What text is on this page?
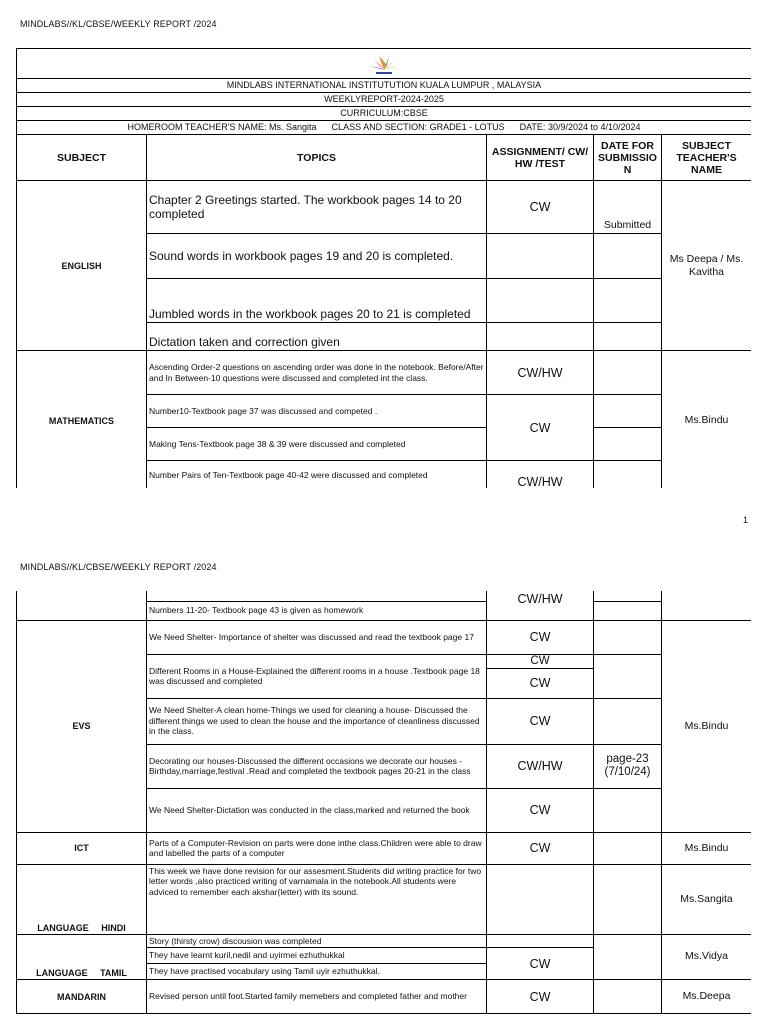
MINDLABS//KL/CBSE/WEEKLY REPORT /2024

MINDLABS INTERNATIONAL INSTITUTUTION KUALA LUMPUR , MALAYSIA				
WEEKLYREPORT-2024-2025				
CURRICULUM:CBSE				
HOMEROOM TEACHER'S NAME: Ms. Sangita      CLASS AND SECTION: GRADE1 - LOTUS      DATE: 30/9/2024 to 4/10/2024				
SUBJECT	TOPICS	ASSIGNMENT/ CW/ HW /TEST	DATE FOR SUBMISSIO N	SUBJECT TEACHER'S NAME
ENGLISH	Chapter 2 Greetings started. The workbook pages 14 to 20 completed	CW	Submitted	Ms Deepa / Ms. Kavitha
	Sound words in workbook pages 19 and 20 is completed.			
	Jumbled words in the workbook pages 20 to 21 is completed			
	Dictation taken and correction given			
MATHEMATICS	Ascending Order-2 questions on ascending order was done in the notebook. Before/After and In Between-10 questions were discussed and completed int the class.	CW/HW		Ms.Bindu
	Number10-Textbook page 37 was discussed and competed .	CW		
	Making Tens-Textbook page 38 & 39 were discussed and completed			
	Number Pairs of Ten-Textbook page 40-42 were discussed and completed	CW/HW		
1
MINDLABS//KL/CBSE/WEEKLY REPORT /2024
		CW/HW		
	Numbers 11-20- Textbook page 43 is given as homework			
EVS	We Need Shelter- Importance of shelter was discussed and read the textbook page 17	CW		Ms.Bindu
	Different Rooms in a House-Explained the different rooms in a house .Textbook page 18 was discussed and completed	CW		
		CW		
	We Need Shelter-A clean home-Things we used for cleaning a house- Discussed the different things we used to clean the house and the importance of cleanliness discussed in the class.	CW		
	Decorating our houses-Discussed the different occasions we decorate our houses -Birthday,marriage,festival .Read and completed the textbook pages 20-21 in the class	CW/HW	page-23 (7/10/24)	
	We Need Shelter-Dictation was conducted in the class,marked and returned the book	CW		
ICT	Parts of a Computer-Revision on parts were done inthe class.Children were able to draw and labelled the parts of a computer	CW		Ms.Bindu
LANGUAGE     HINDI	This week we have done revision for our assesment.Students did writing practice for two letter words ,also practiced writing of varnamala in the notebook.All students were adviced to remember each akshar(letter) with its sound.			Ms.Sangita
LANGUAGE     TAMIL	Story (thirsty crow) discousion was completed			Ms.Vidya
	They have learnt kuril,nedil and uyirmei ezhuthukkal	CW		
	They have practised vocabulary using Tamil uyir ezhuthukkal.			
MANDARIN	Revised person until foot.Started family memebers and completed father and mother	CW		Ms.Deepa
